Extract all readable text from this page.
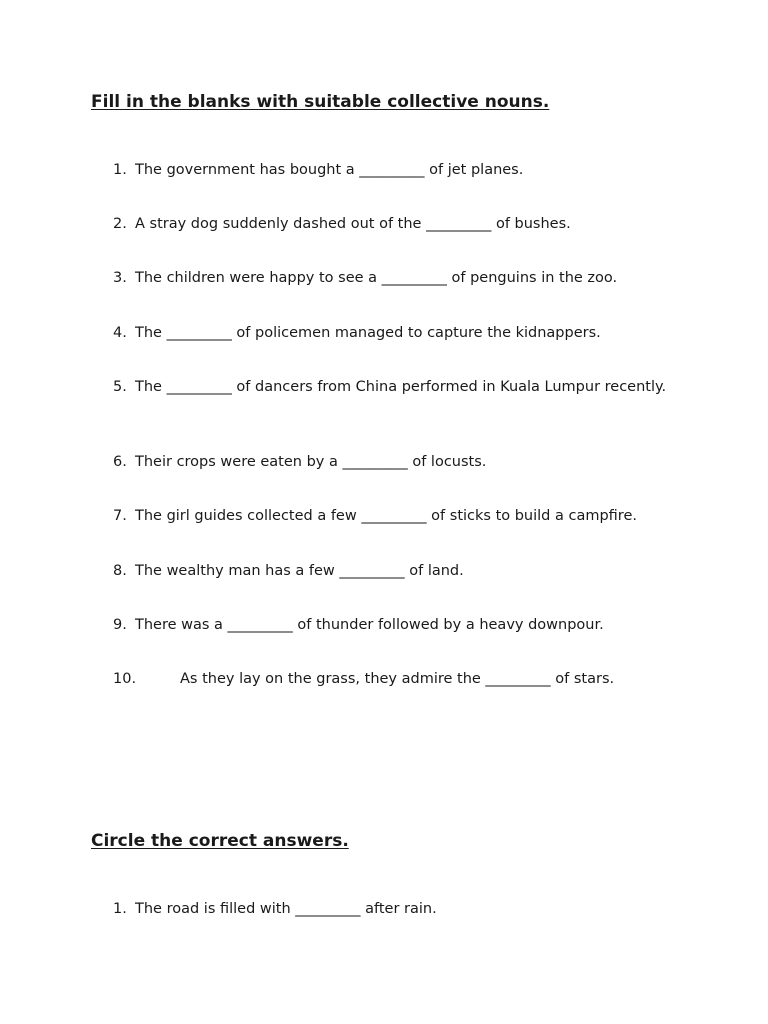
Fill in the blanks with suitable collective nouns.
1. The government has bought a _________ of jet planes.
2. A stray dog suddenly dashed out of the _________ of bushes.
3. The children were happy to see a _________ of penguins in the zoo.
4. The _________ of policemen managed to capture the kidnappers.
5. The _________ of dancers from China performed in Kuala Lumpur recently.
6. Their crops were eaten by a _________ of locusts.
7. The girl guides collected a few _________ of sticks to build a campfire.
8. The wealthy man has a few _________ of land.
9. There was a _________ of thunder followed by a heavy downpour.
10.	As they lay on the grass, they admire the _________ of stars.
Circle the correct answers.
1. The road is filled with _________ after rain.
